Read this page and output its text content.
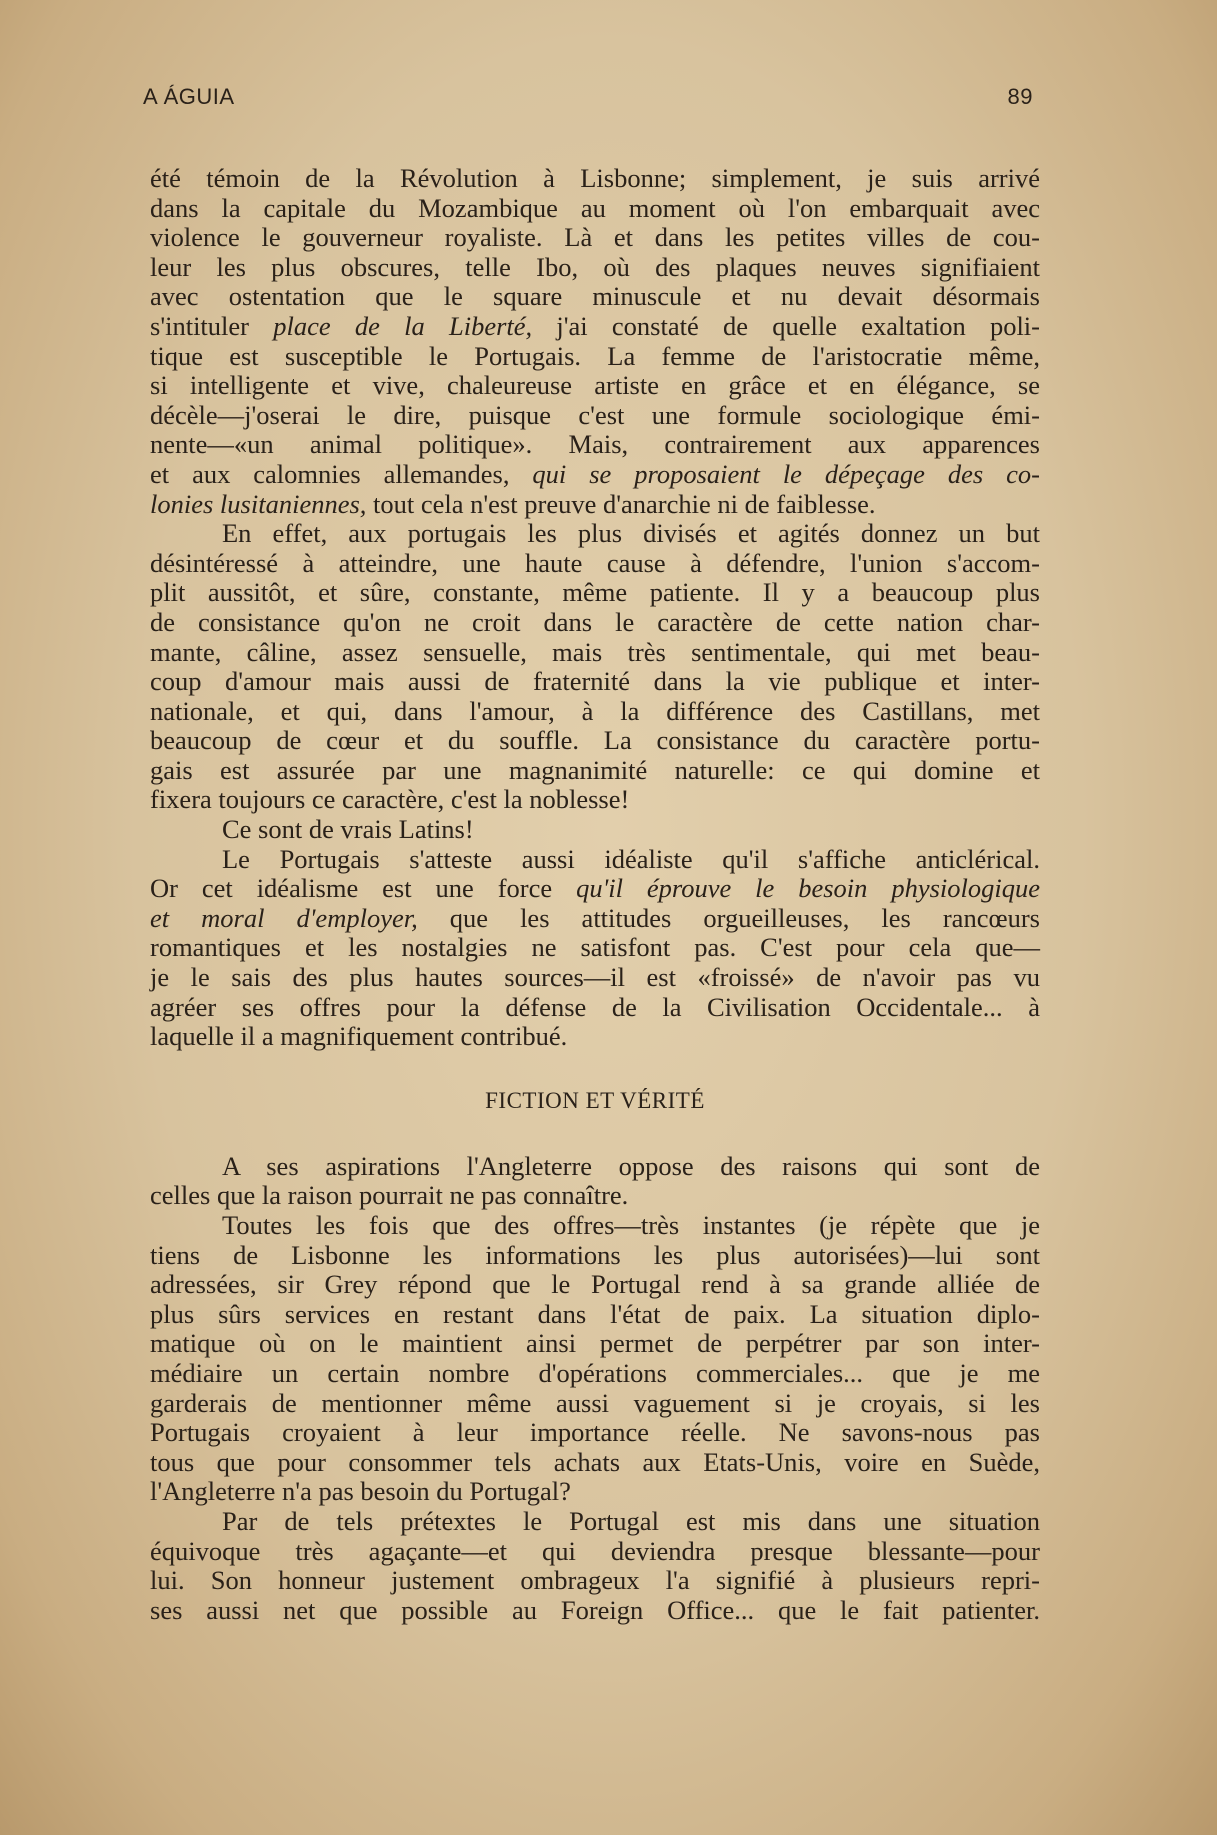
A ÁGUIA	89
été témoin de la Révolution à Lisbonne; simplement, je suis arrivé
dans la capitale du Mozambique au moment où l'on embarquait avec
violence le gouverneur royaliste. Là et dans les petites villes de cou-
leur les plus obscures, telle Ibo, où des plaques neuves signifiaient
avec ostentation que le square minuscule et nu devait désormais
s'intituler place de la Liberté, j'ai constaté de quelle exaltation poli-
tique est susceptible le Portugais. La femme de l'aristocratie même,
si intelligente et vive, chaleureuse artiste en grâce et en élégance, se
décèle—j'oserai le dire, puisque c'est une formule sociologique émi-
nente—«un animal politique». Mais, contrairement aux apparences
et aux calomnies allemandes, qui se proposaient le dépeçage des co-
lonies lusitaniennes, tout cela n'est preuve d'anarchie ni de faiblesse.
En effet, aux portugais les plus divisés et agités donnez un but
désintéressé à atteindre, une haute cause à défendre, l'union s'accom-
plit aussitôt, et sûre, constante, même patiente. Il y a beaucoup plus
de consistance qu'on ne croit dans le caractère de cette nation char-
mante, câline, assez sensuelle, mais très sentimentale, qui met beau-
coup d'amour mais aussi de fraternité dans la vie publique et inter-
nationale, et qui, dans l'amour, à la différence des Castillans, met
beaucoup de cœur et du souffle. La consistance du caractère portu-
gais est assurée par une magnanimité naturelle: ce qui domine et
fixera toujours ce caractère, c'est la noblesse!
Ce sont de vrais Latins!
Le Portugais s'atteste aussi idéaliste qu'il s'affiche anticlérical.
Or cet idéalisme est une force qu'il éprouve le besoin physiologique
et moral d'employer, que les attitudes orgueilleuses, les rancœurs
romantiques et les nostalgies ne satisfont pas. C'est pour cela que—
je le sais des plus hautes sources—il est «froissé» de n'avoir pas vu
agréer ses offres pour la défense de la Civilisation Occidentale... à
laquelle il a magnifiquement contribué.
FICTION ET VÉRITÉ
A ses aspirations l'Angleterre oppose des raisons qui sont de
celles que la raison pourrait ne pas connaître.
Toutes les fois que des offres—très instantes (je répète que je
tiens de Lisbonne les informations les plus autorisées)—lui sont
adressées, sir Grey répond que le Portugal rend à sa grande alliée de
plus sûrs services en restant dans l'état de paix. La situation diplo-
matique où on le maintient ainsi permet de perpétrer par son inter-
médiaire un certain nombre d'opérations commerciales... que je me
garderais de mentionner même aussi vaguement si je croyais, si les
Portugais croyaient à leur importance réelle. Ne savons-nous pas
tous que pour consommer tels achats aux Etats-Unis, voire en Suède,
l'Angleterre n'a pas besoin du Portugal?
Par de tels prétextes le Portugal est mis dans une situation
équivoque très agaçante—et qui deviendra presque blessante—pour
lui. Son honneur justement ombrageux l'a signifié à plusieurs repri-
ses aussi net que possible au Foreign Office... que le fait patienter.
